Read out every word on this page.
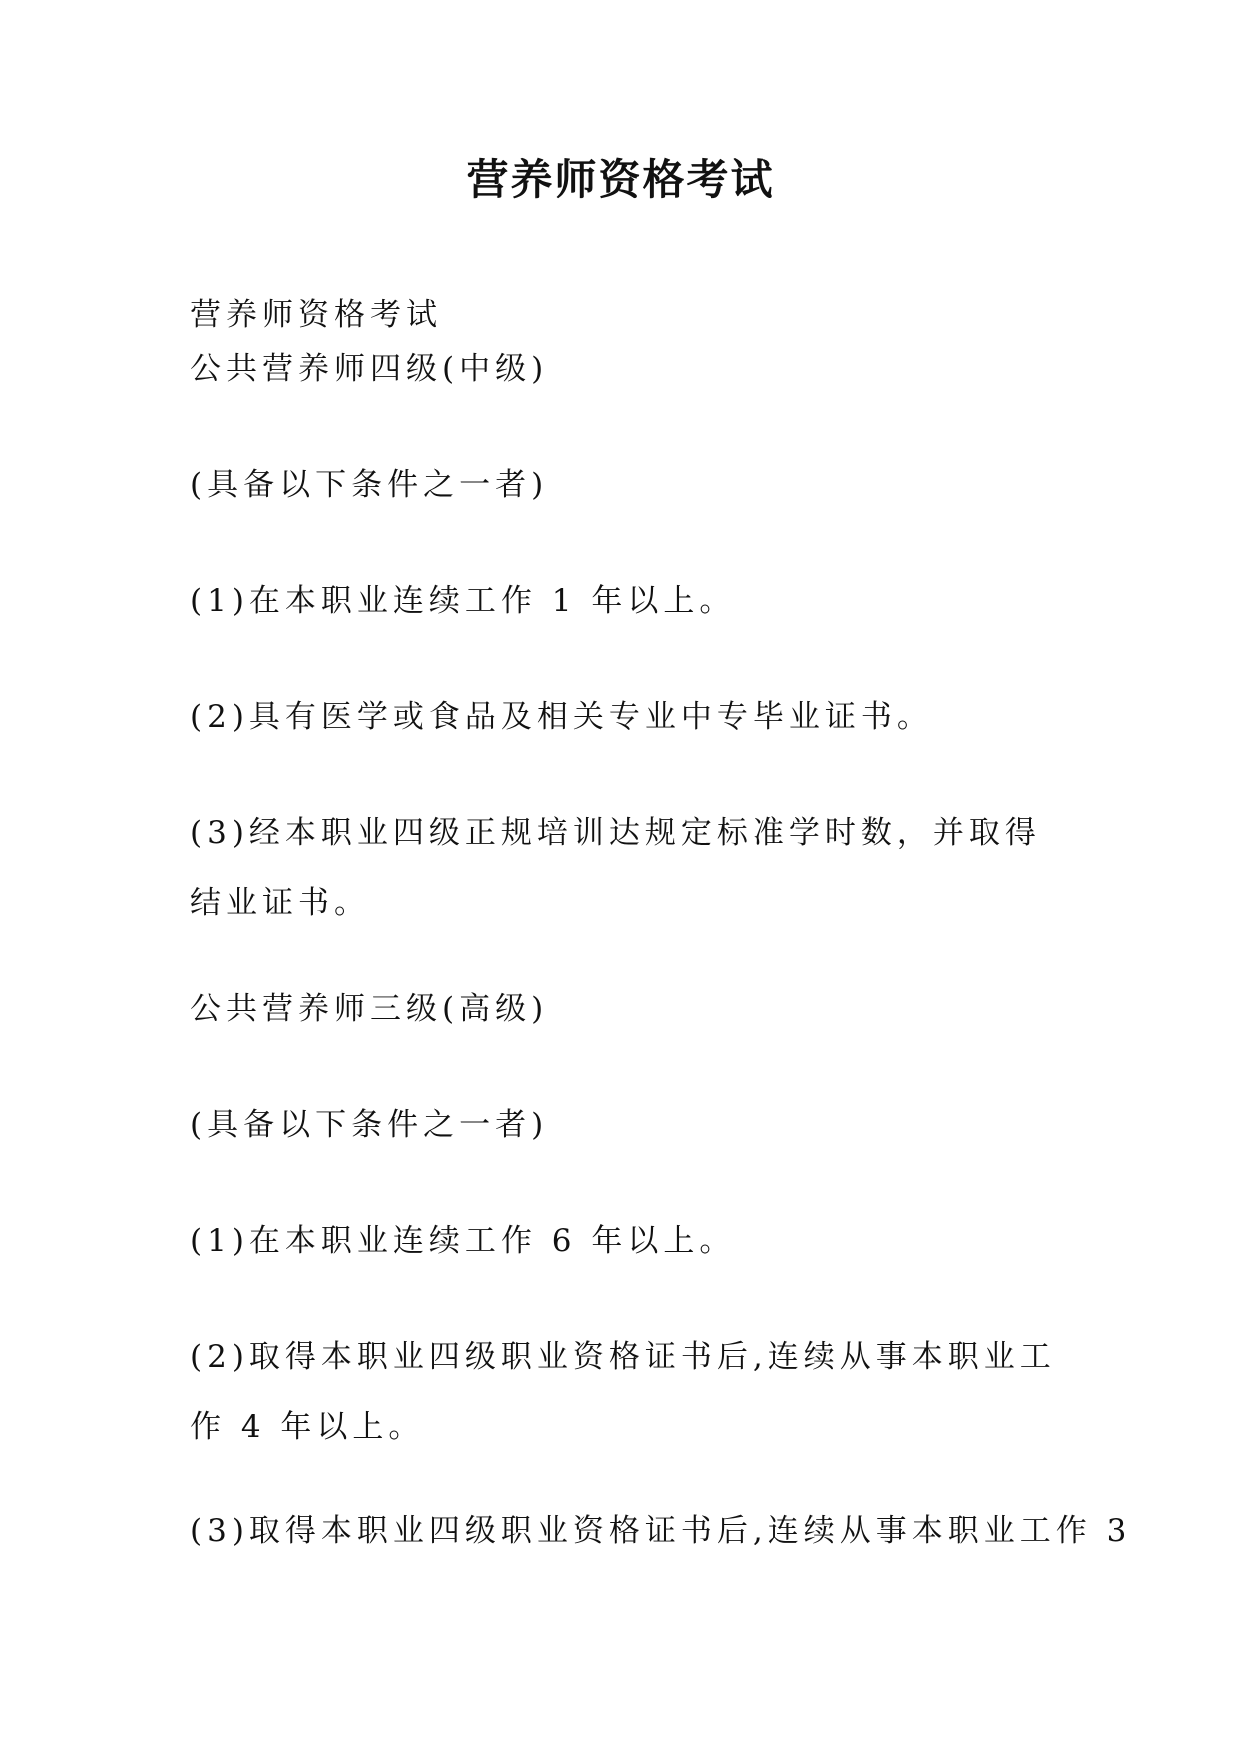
营养师资格考试
营养师资格考试
公共营养师四级(中级)
(具备以下条件之一者)
(1)在本职业连续工作 1 年以上。
(2)具有医学或食品及相关专业中专毕业证书。
(3)经本职业四级正规培训达规定标准学时数，并取得结业证书。
公共营养师三级(高级)
(具备以下条件之一者)
(1)在本职业连续工作 6 年以上。
(2)取得本职业四级职业资格证书后,连续从事本职业工作 4 年以上。
(3)取得本职业四级职业资格证书后,连续从事本职业工作 3
